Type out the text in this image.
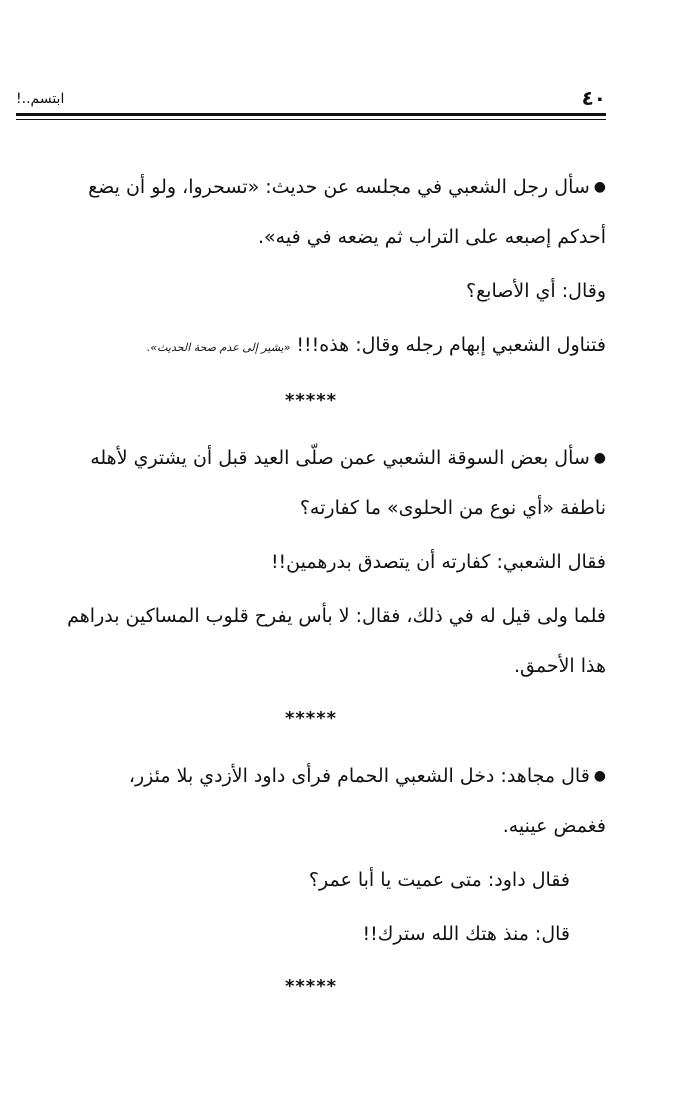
٤٠
ابتسم..!

●سأل رجل الشعبي في مجلسه عن حديث: «تسحروا، ولو أن يضع

أحدكم إصبعه على التراب ثم يضعه في فيه».

وقال: أي الأصابع؟

فتناول الشعبي إبهام رجله وقال: هذه!!!«يشير إلى عدم صحة الحديث».

*****

●سأل بعض السوقة الشعبي عمن صلّى العيد قبل أن يشتري لأهله

ناطفة «أي نوع من الحلوى» ما كفارته؟

فقال الشعبي: كفارته أن يتصدق بدرهمين!!

فلما ولى قيل له في ذلك، فقال: لا بأس يفرح قلوب المساكين بدراهم

هذا الأحمق.

*****

●قال مجاهد: دخل الشعبي الحمام فرأى داود الأزدي بلا مئزر،

فغمض عينيه.

فقال داود: متى عميت يا أبا عمر؟

قال: منذ هتك الله سترك!!

*****
